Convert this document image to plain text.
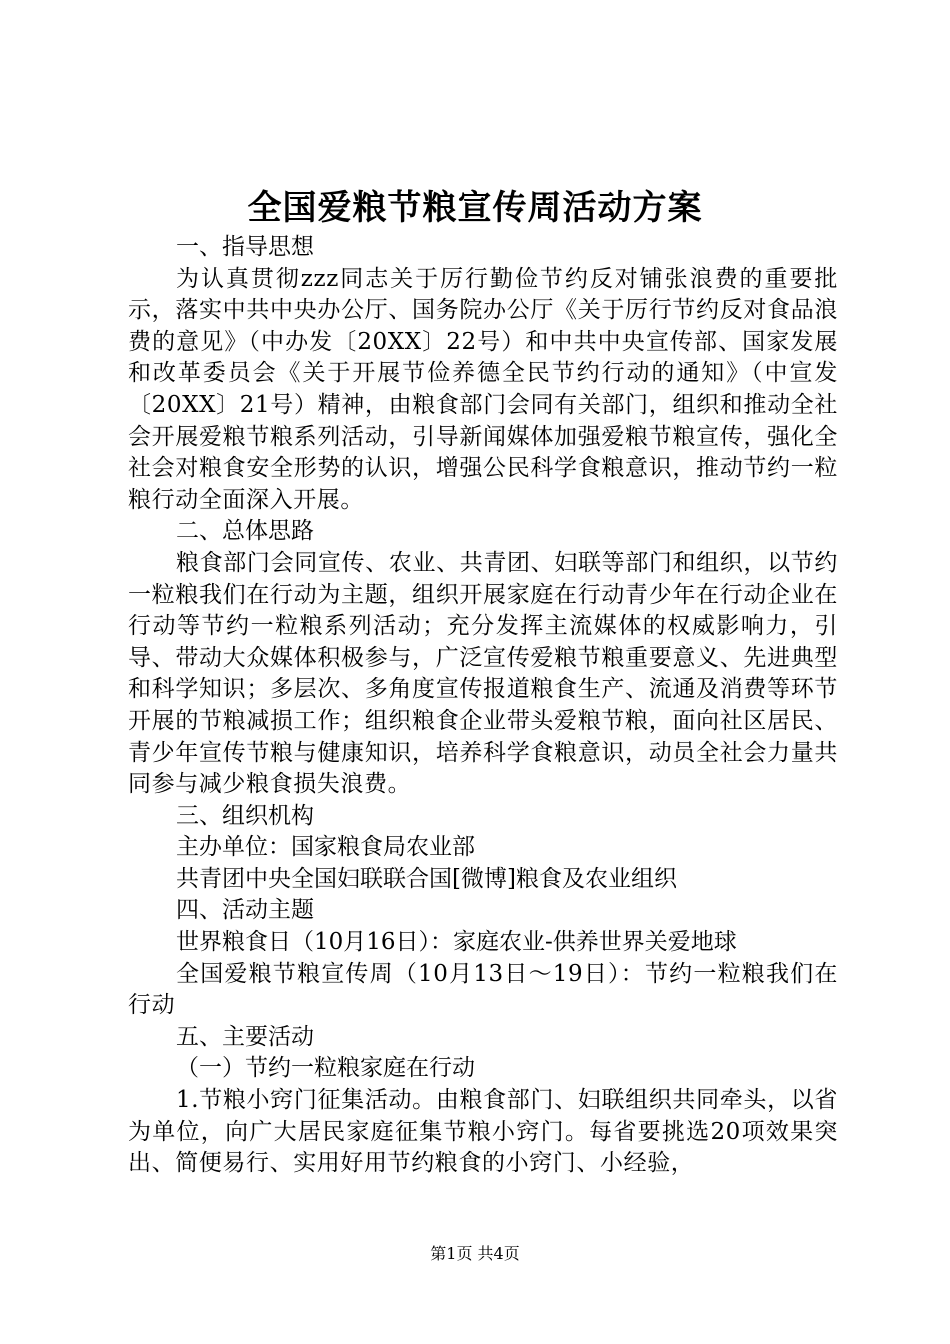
全国爱粮节粮宣传周活动方案

一、指导思想

为认真贯彻zzz同志关于厉行勤俭节约反对铺张浪费的重要批示，落实中共中央办公厅、国务院办公厅《关于厉行节约反对食品浪费的意见》（中办发〔20XX〕22号）和中共中央宣传部、国家发展和改革委员会《关于开展节俭养德全民节约行动的通知》（中宣发〔20XX〕21号）精神，由粮食部门会同有关部门，组织和推动全社会开展爱粮节粮系列活动，引导新闻媒体加强爱粮节粮宣传，强化全社会对粮食安全形势的认识，增强公民科学食粮意识，推动节约一粒粮行动全面深入开展。

二、总体思路

粮食部门会同宣传、农业、共青团、妇联等部门和组织，以节约一粒粮我们在行动为主题，组织开展家庭在行动青少年在行动企业在行动等节约一粒粮系列活动；充分发挥主流媒体的权威影响力，引导、带动大众媒体积极参与，广泛宣传爱粮节粮重要意义、先进典型和科学知识；多层次、多角度宣传报道粮食生产、流通及消费等环节开展的节粮减损工作；组织粮食企业带头爱粮节粮，面向社区居民、青少年宣传节粮与健康知识，培养科学食粮意识，动员全社会力量共同参与减少粮食损失浪费。

三、组织机构

主办单位：国家粮食局农业部

共青团中央全国妇联联合国[微博]粮食及农业组织

四、活动主题

世界粮食日（10月16日）：家庭农业-供养世界关爱地球

全国爱粮节粮宣传周（10月13日～19日）：节约一粒粮我们在行动

五、主要活动

（一）节约一粒粮家庭在行动

1.节粮小窍门征集活动。由粮食部门、妇联组织共同牵头，以省为单位，向广大居民家庭征集节粮小窍门。每省要挑选20项效果突出、简便易行、实用好用节约粮食的小窍门、小经验，

第1页 共4页
